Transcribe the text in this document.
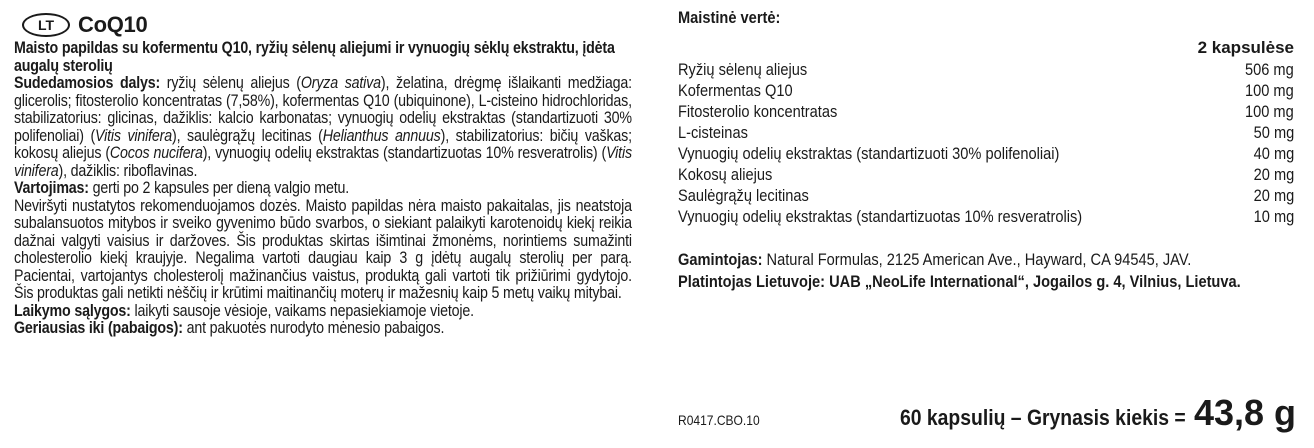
LT	CoQ10

Maisto papildas su kofermentu Q10, ryžių sėlenų aliejumi ir vynuogių sėklų ekstraktu, įdėta augalų sterolių

Sudedamosios dalys: ryžių sėlenų aliejus (Oryza sativa), želatina, drėgmę išlaikanti medžiaga: glicerolis; fitosterolio koncentratas (7,58%), kofermentas Q10 (ubiquinone), L-cisteino hidrochloridas, stabilizatorius: glicinas, dažiklis: kalcio karbonatas; vynuogių odelių ekstraktas (standartizuoti 30% polifenoliai) (Vitis vinifera), saulėgrąžų lecitinas (Helianthus annuus), stabilizatorius: bičių vaškas; kokosų aliejus (Cocos nucifera), vynuogių odelių ekstraktas (standartizuotas 10% resveratrolis) (Vitis vinifera), dažiklis: riboflavinas.

Vartojimas: gerti po 2 kapsules per dieną valgio metu.

Neviršyti nustatytos rekomenduojamos dozės. Maisto papildas nėra maisto pakaitalas, jis neatstoja subalansuotos mitybos ir sveiko gyvenimo būdo svarbos, o siekiant palaikyti karotenoidų kiekį reikia dažnai valgyti vaisius ir daržoves. Šis produktas skirtas išimtinai žmonėms, norintiems sumažinti cholesterolio kiekį kraujyje. Negalima vartoti daugiau kaip 3 g įdėtų augalų sterolių per parą. Pacientai, vartojantys cholesterolį mažinančius vaistus, produktą gali vartoti tik prižiūrimi gydytojo. Šis produktas gali netikti nėščių ir krūtimi maitinančių moterų ir mažesnių kaip 5 metų vaikų mitybai.

Laikymo sąlygos: laikyti sausoje vėsioje, vaikams nepasiekiamoje vietoje.

Geriausias iki (pabaigos): ant pakuotės nurodyto mėnesio pabaigos.

Maistinė vertė:
2 kapsulėse
Ryžių sėlenų aliejus	506 mg
Kofermentas Q10	100 mg
Fitosterolio koncentratas	100 mg
L-cisteinas	50 mg
Vynuogių odelių ekstraktas (standartizuoti 30% polifenoliai)	40 mg
Kokosų aliejus	20 mg
Saulėgrąžų lecitinas	20 mg
Vynuogių odelių ekstraktas (standartizuotas 10% resveratrolis)	10 mg
Gamintojas: Natural Formulas, 2125 American Ave., Hayward, CA 94545, JAV.
Platintojas Lietuvoje: UAB „NeoLife International“, Jogailos g. 4, Vilnius, Lietuva.
R0417.CBO.10	60 kapsulių – Grynasis kiekis = 43,8 g
